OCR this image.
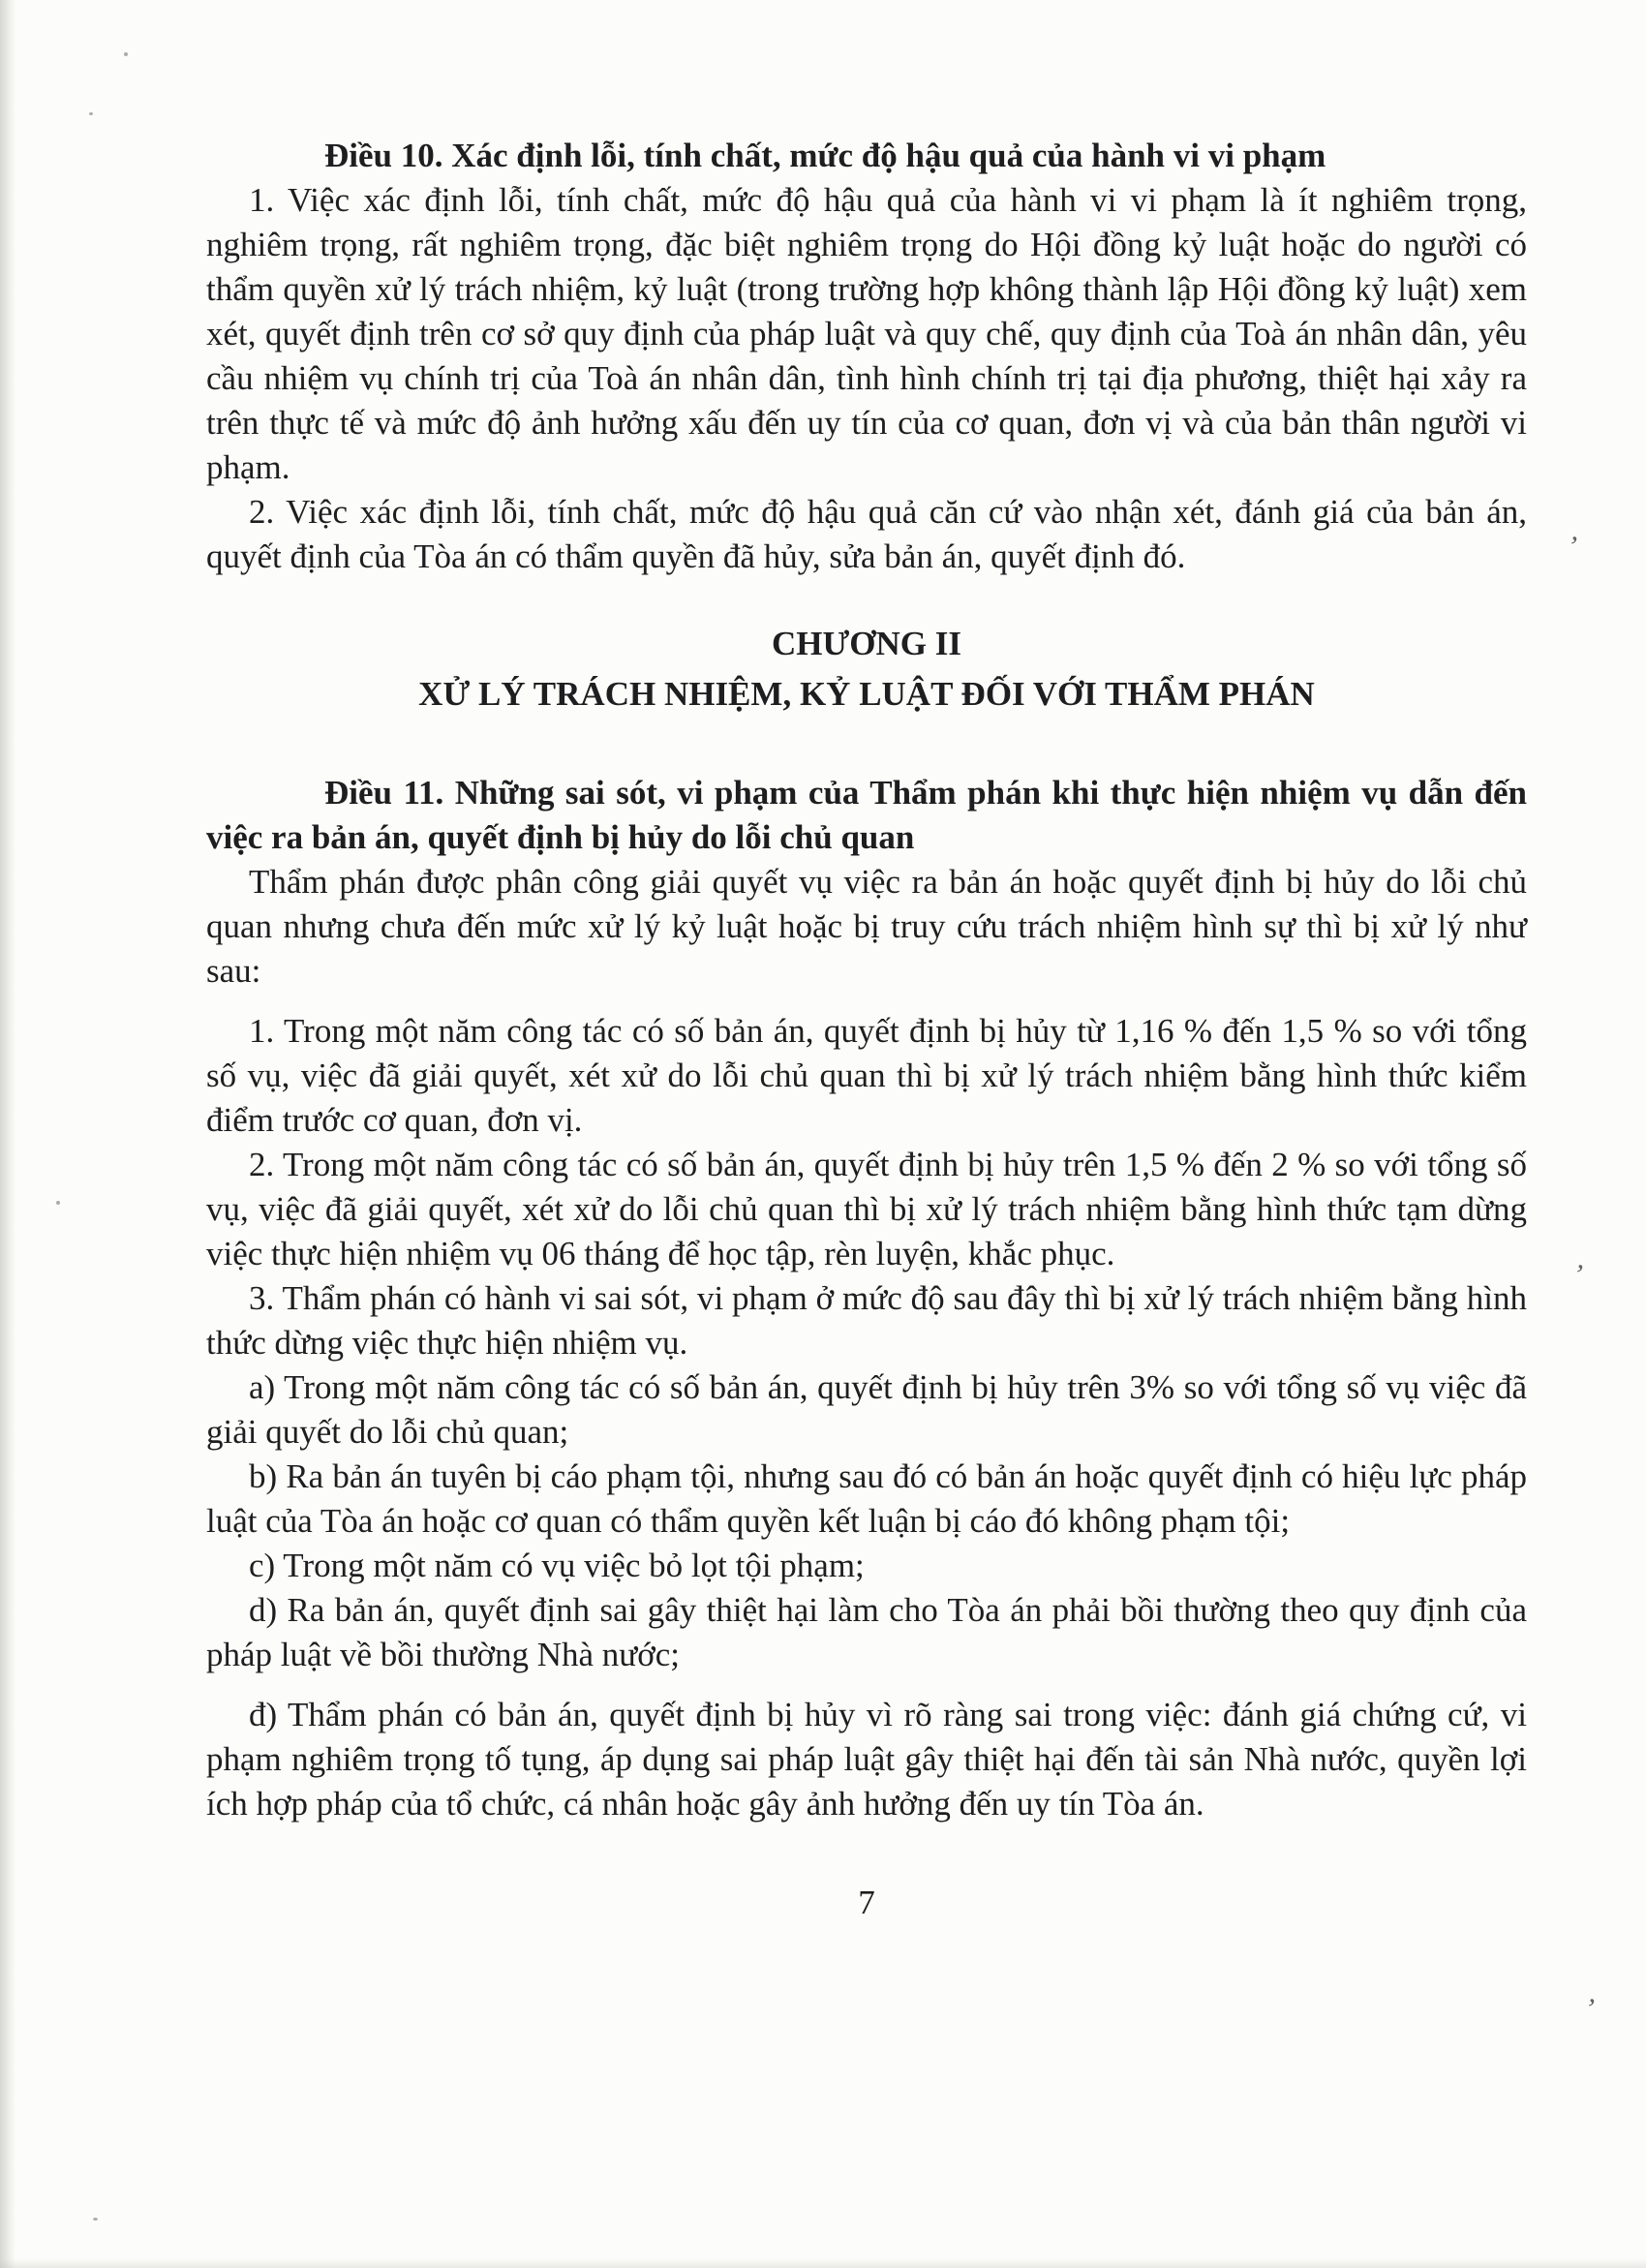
Điều 10. Xác định lỗi, tính chất, mức độ hậu quả của hành vi vi phạm
1. Việc xác định lỗi, tính chất, mức độ hậu quả của hành vi vi phạm là ít nghiêm trọng, nghiêm trọng, rất nghiêm trọng, đặc biệt nghiêm trọng do Hội đồng kỷ luật hoặc do người có thẩm quyền xử lý trách nhiệm, kỷ luật (trong trường hợp không thành lập Hội đồng kỷ luật) xem xét, quyết định trên cơ sở quy định của pháp luật và quy chế, quy định của Toà án nhân dân, yêu cầu nhiệm vụ chính trị của Toà án nhân dân, tình hình chính trị tại địa phương, thiệt hại xảy ra trên thực tế và mức độ ảnh hưởng xấu đến uy tín của cơ quan, đơn vị và của bản thân người vi phạm.
2. Việc xác định lỗi, tính chất, mức độ hậu quả căn cứ vào nhận xét, đánh giá của bản án, quyết định của Tòa án có thẩm quyền đã hủy, sửa bản án, quyết định đó.
CHƯƠNG II
XỬ LÝ TRÁCH NHIỆM, KỶ LUẬT ĐỐI VỚI THẨM PHÁN
Điều 11. Những sai sót, vi phạm của Thẩm phán khi thực hiện nhiệm vụ dẫn đến việc ra bản án, quyết định bị hủy do lỗi chủ quan
Thẩm phán được phân công giải quyết vụ việc ra bản án hoặc quyết định bị hủy do lỗi chủ quan nhưng chưa đến mức xử lý kỷ luật hoặc bị truy cứu trách nhiệm hình sự thì bị xử lý như sau:
1. Trong một năm công tác có số bản án, quyết định bị hủy từ 1,16 % đến 1,5 % so với tổng số vụ, việc đã giải quyết, xét xử do lỗi chủ quan thì bị xử lý trách nhiệm bằng hình thức kiểm điểm trước cơ quan, đơn vị.
2. Trong một năm công tác có số bản án, quyết định bị hủy trên 1,5 % đến 2 % so với tổng số vụ, việc đã giải quyết, xét xử do lỗi chủ quan thì bị xử lý trách nhiệm bằng hình thức tạm dừng việc thực hiện nhiệm vụ 06 tháng để học tập, rèn luyện, khắc phục.
3. Thẩm phán có hành vi sai sót, vi phạm ở mức độ sau đây thì bị xử lý trách nhiệm bằng hình thức dừng việc thực hiện nhiệm vụ.
a) Trong một năm công tác có số bản án, quyết định bị hủy trên 3% so với tổng số vụ việc đã giải quyết do lỗi chủ quan;
b) Ra bản án tuyên bị cáo phạm tội, nhưng sau đó có bản án hoặc quyết định có hiệu lực pháp luật của Tòa án hoặc cơ quan có thẩm quyền kết luận bị cáo đó không phạm tội;
c) Trong một năm có vụ việc bỏ lọt tội phạm;
d) Ra bản án, quyết định sai gây thiệt hại làm cho Tòa án phải bồi thường theo quy định của pháp luật về bồi thường Nhà nước;
đ) Thẩm phán có bản án, quyết định bị hủy vì rõ ràng sai trong việc: đánh giá chứng cứ, vi phạm nghiêm trọng tố tụng, áp dụng sai pháp luật gây thiệt hại đến tài sản Nhà nước, quyền lợi ích hợp pháp của tổ chức, cá nhân hoặc gây ảnh hưởng đến uy tín Tòa án.
7
’
’
’
